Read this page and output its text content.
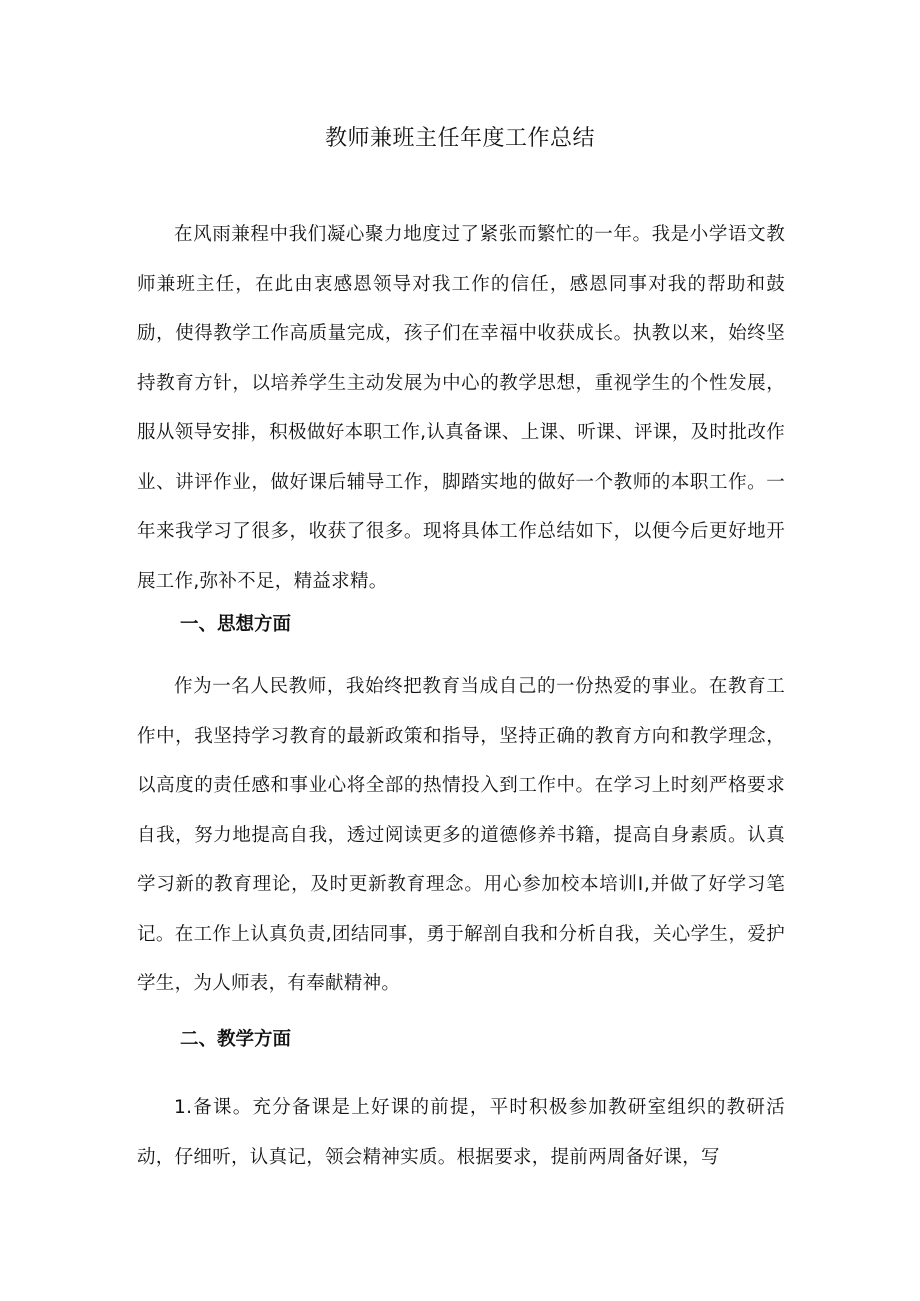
教师兼班主任年度工作总结

在风雨兼程中我们凝心聚力地度过了紧张而繁忙的一年。我是小学语文教师兼班主任，在此由衷感恩领导对我工作的信任，感恩同事对我的帮助和鼓励，使得教学工作高质量完成，孩子们在幸福中收获成长。执教以来，始终坚持教育方针，以培养学生主动发展为中心的教学思想，重视学生的个性发展，服从领导安排，积极做好本职工作,认真备课、上课、听课、评课，及时批改作业、讲评作业，做好课后辅导工作，脚踏实地的做好一个教师的本职工作。一年来我学习了很多，收获了很多。现将具体工作总结如下，以便今后更好地开展工作,弥补不足，精益求精。

一、思想方面

作为一名人民教师，我始终把教育当成自己的一份热爱的事业。在教育工作中，我坚持学习教育的最新政策和指导，坚持正确的教育方向和教学理念，以高度的责任感和事业心将全部的热情投入到工作中。在学习上时刻严格要求自我，努力地提高自我，透过阅读更多的道德修养书籍，提高自身素质。认真学习新的教育理论，及时更新教育理念。用心参加校本培训Ⅰ,并做了好学习笔记。在工作上认真负责,团结同事，勇于解剖自我和分析自我，关心学生，爱护学生，为人师表，有奉献精神。

二、教学方面

1.备课。充分备课是上好课的前提，平时积极参加教研室组织的教研活动，仔细听，认真记，领会精神实质。根据要求，提前两周备好课，写
